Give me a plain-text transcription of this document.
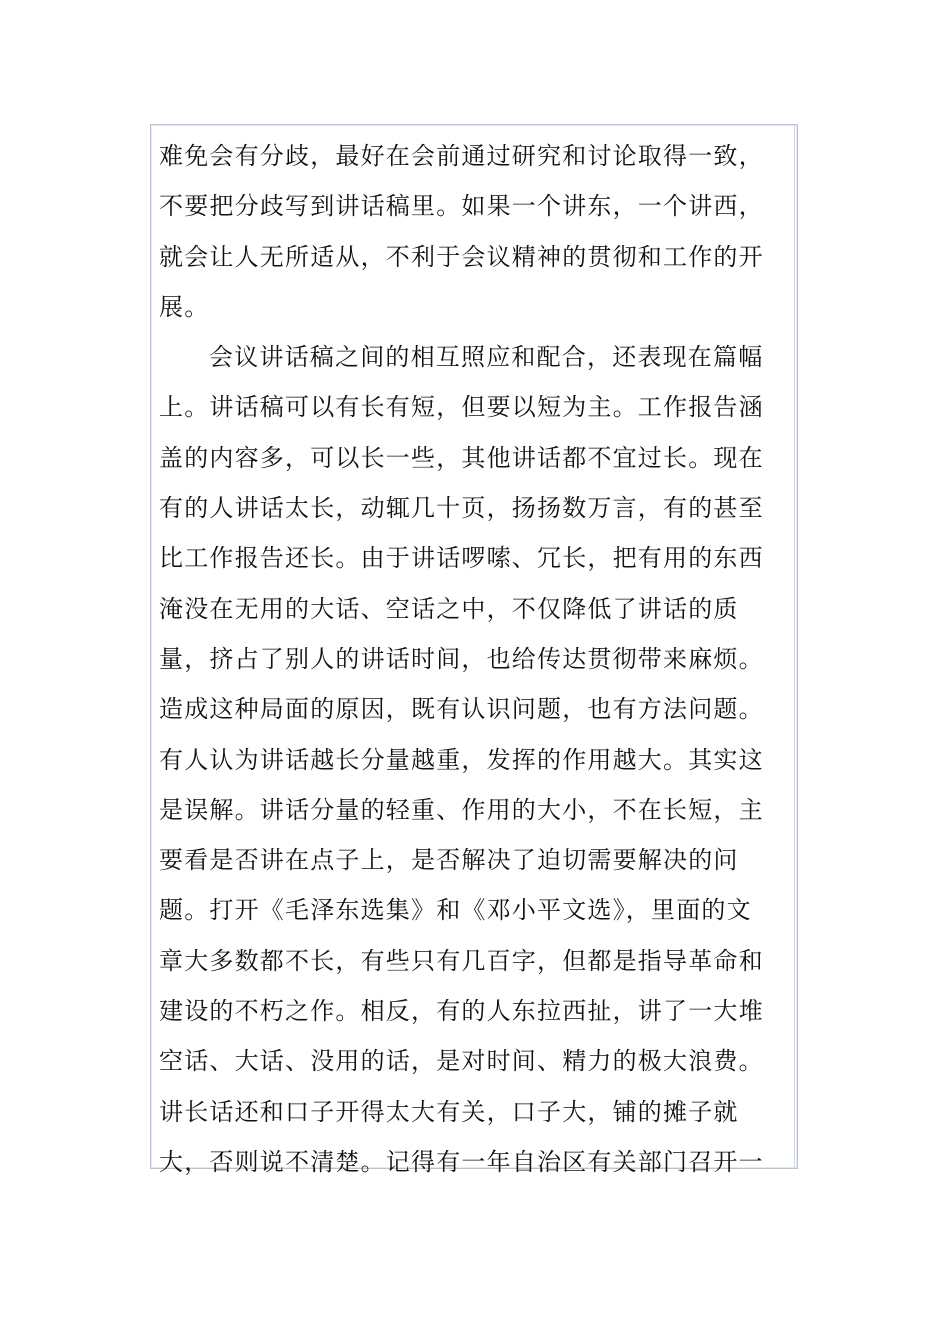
难免会有分歧，最好在会前通过研究和讨论取得一致，
不要把分歧写到讲话稿里。如果一个讲东，一个讲西，
就会让人无所适从，不利于会议精神的贯彻和工作的开
展。
会议讲话稿之间的相互照应和配合，还表现在篇幅
上。讲话稿可以有长有短，但要以短为主。工作报告涵
盖的内容多，可以长一些，其他讲话都不宜过长。现在
有的人讲话太长，动辄几十页，扬扬数万言，有的甚至
比工作报告还长。由于讲话啰嗦、冗长，把有用的东西
淹没在无用的大话、空话之中，不仅降低了讲话的质
量，挤占了别人的讲话时间，也给传达贯彻带来麻烦。
造成这种局面的原因，既有认识问题，也有方法问题。
有人认为讲话越长分量越重，发挥的作用越大。其实这
是误解。讲话分量的轻重、作用的大小，不在长短，主
要看是否讲在点子上，是否解决了迫切需要解决的问
题。打开《毛泽东选集》和《邓小平文选》，里面的文
章大多数都不长，有些只有几百字，但都是指导革命和
建设的不朽之作。相反，有的人东拉西扯，讲了一大堆
空话、大话、没用的话，是对时间、精力的极大浪费。
讲长话还和口子开得太大有关，口子大，铺的摊子就
大，否则说不清楚。记得有一年自治区有关部门召开一
